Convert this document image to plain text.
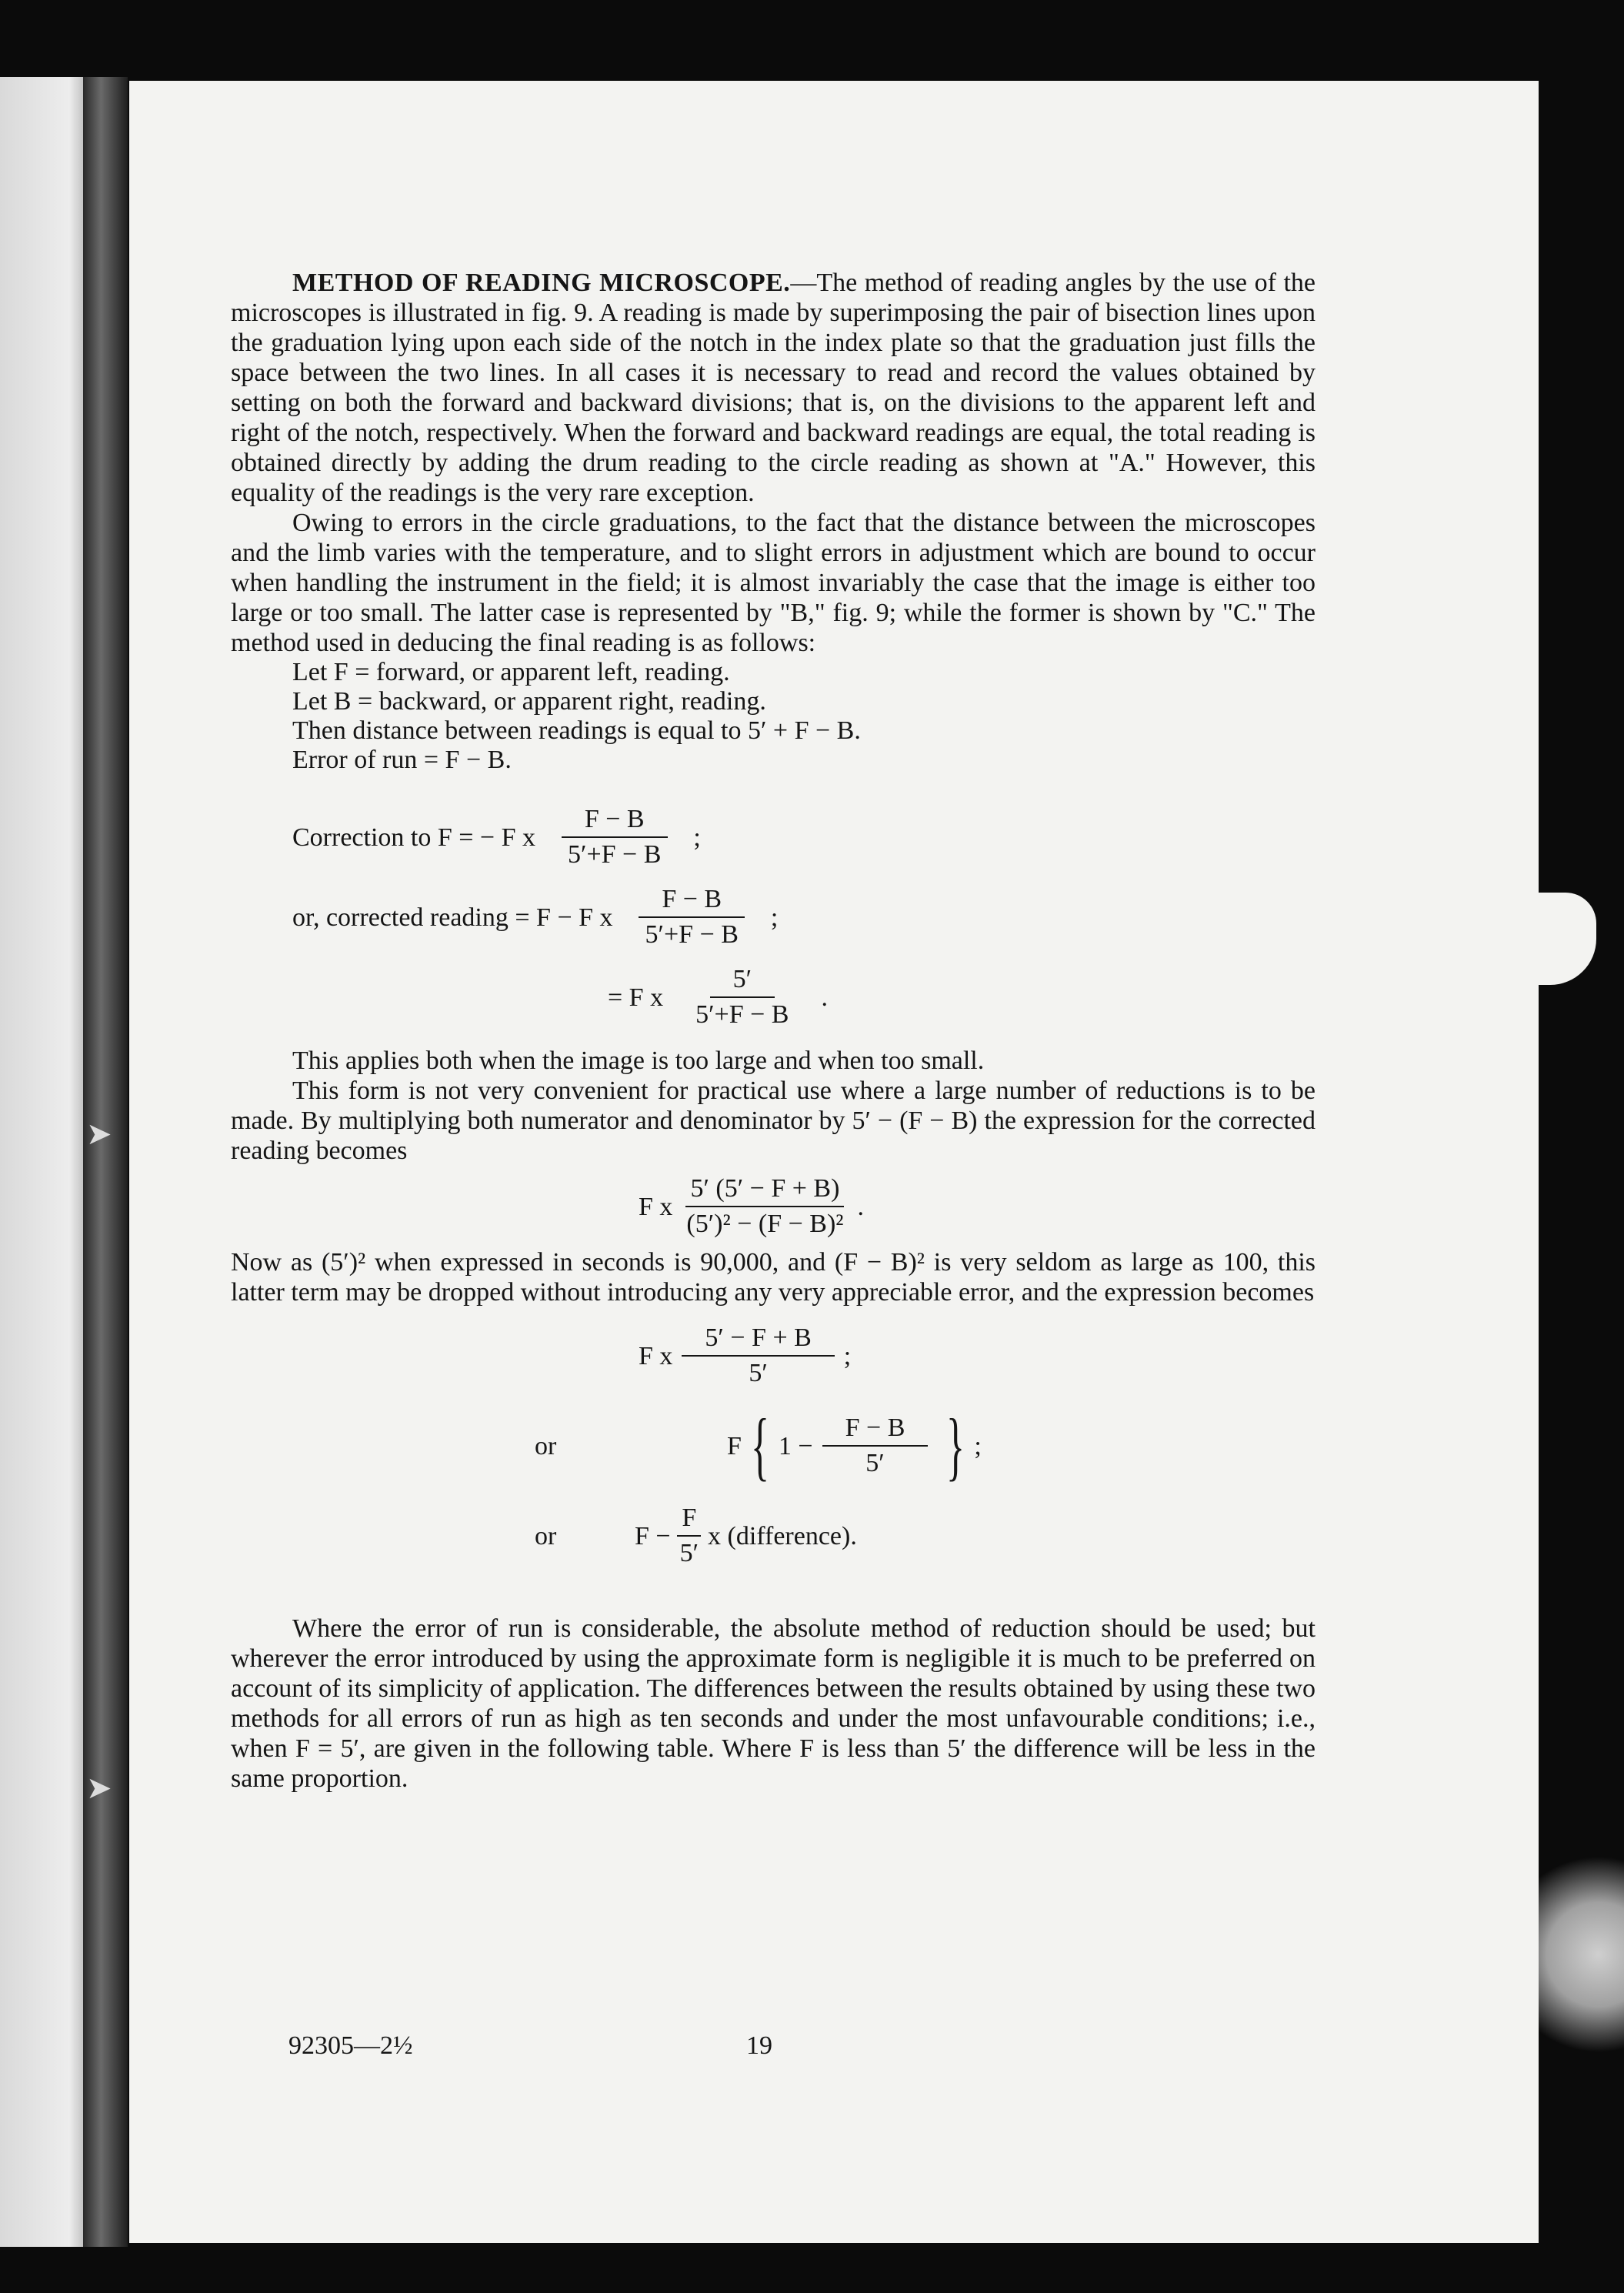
➤
➤

METHOD OF READING MICROSCOPE.—The method of reading angles by the use of the microscopes is illustrated in fig. 9. A reading is made by superimposing the pair of bisection lines upon the graduation lying upon each side of the notch in the index plate so that the graduation just fills the space between the two lines. In all cases it is necessary to read and record the values obtained by setting on both the forward and backward divisions; that is, on the divisions to the apparent left and right of the notch, respectively. When the forward and backward readings are equal, the total reading is obtained directly by adding the drum reading to the circle reading as shown at "A." However, this equality of the readings is the very rare exception.

Owing to errors in the circle graduations, to the fact that the distance between the microscopes and the limb varies with the temperature, and to slight errors in adjustment which are bound to occur when handling the instrument in the field; it is almost invariably the case that the image is either too large or too small. The latter case is represented by "B," fig. 9; while the former is shown by "C." The method used in deducing the final reading is as follows:

Let F = forward, or apparent left, reading.
Let B = backward, or apparent right, reading.
Then distance between readings is equal to 5′ + F − B.
Error of run = F − B.
Correction to F = − F x $\frac{F - B}{5'+F - B}$ ;
or, corrected reading = F − F x $\frac{F - B}{5'+F - B}$ ;
= F x $\frac{5'}{5'+F - B}$ .

This applies both when the image is too large and when too small.

This form is not very convenient for practical use where a large number of reductions is to be made. By multiplying both numerator and denominator by 5′ − (F − B) the expression for the corrected reading becomes

F x $\frac{5' (5' - F + B)}{\text{(5′)² − (F − B)²}}$ .

Now as (5′)² when expressed in seconds is 90,000, and (F − B)² is very seldom as large as 100, this latter term may be dropped without introducing any very appreciable error, and the expression becomes

F x $\frac{5' - F + B}{5'}$ ;
or	F { $1 - \frac{F - B}{5'}$ } ;
or	$F - \frac{F}{5'}$ x (difference).

Where the error of run is considerable, the absolute method of reduction should be used; but wherever the error introduced by using the approximate form is negligible it is much to be preferred on account of its simplicity of application. The differences between the results obtained by using these two methods for all errors of run as high as ten seconds and under the most unfavourable conditions; i.e., when F = 5′, are given in the following table. Where F is less than 5′ the difference will be less in the same proportion.

92305—2½	19
